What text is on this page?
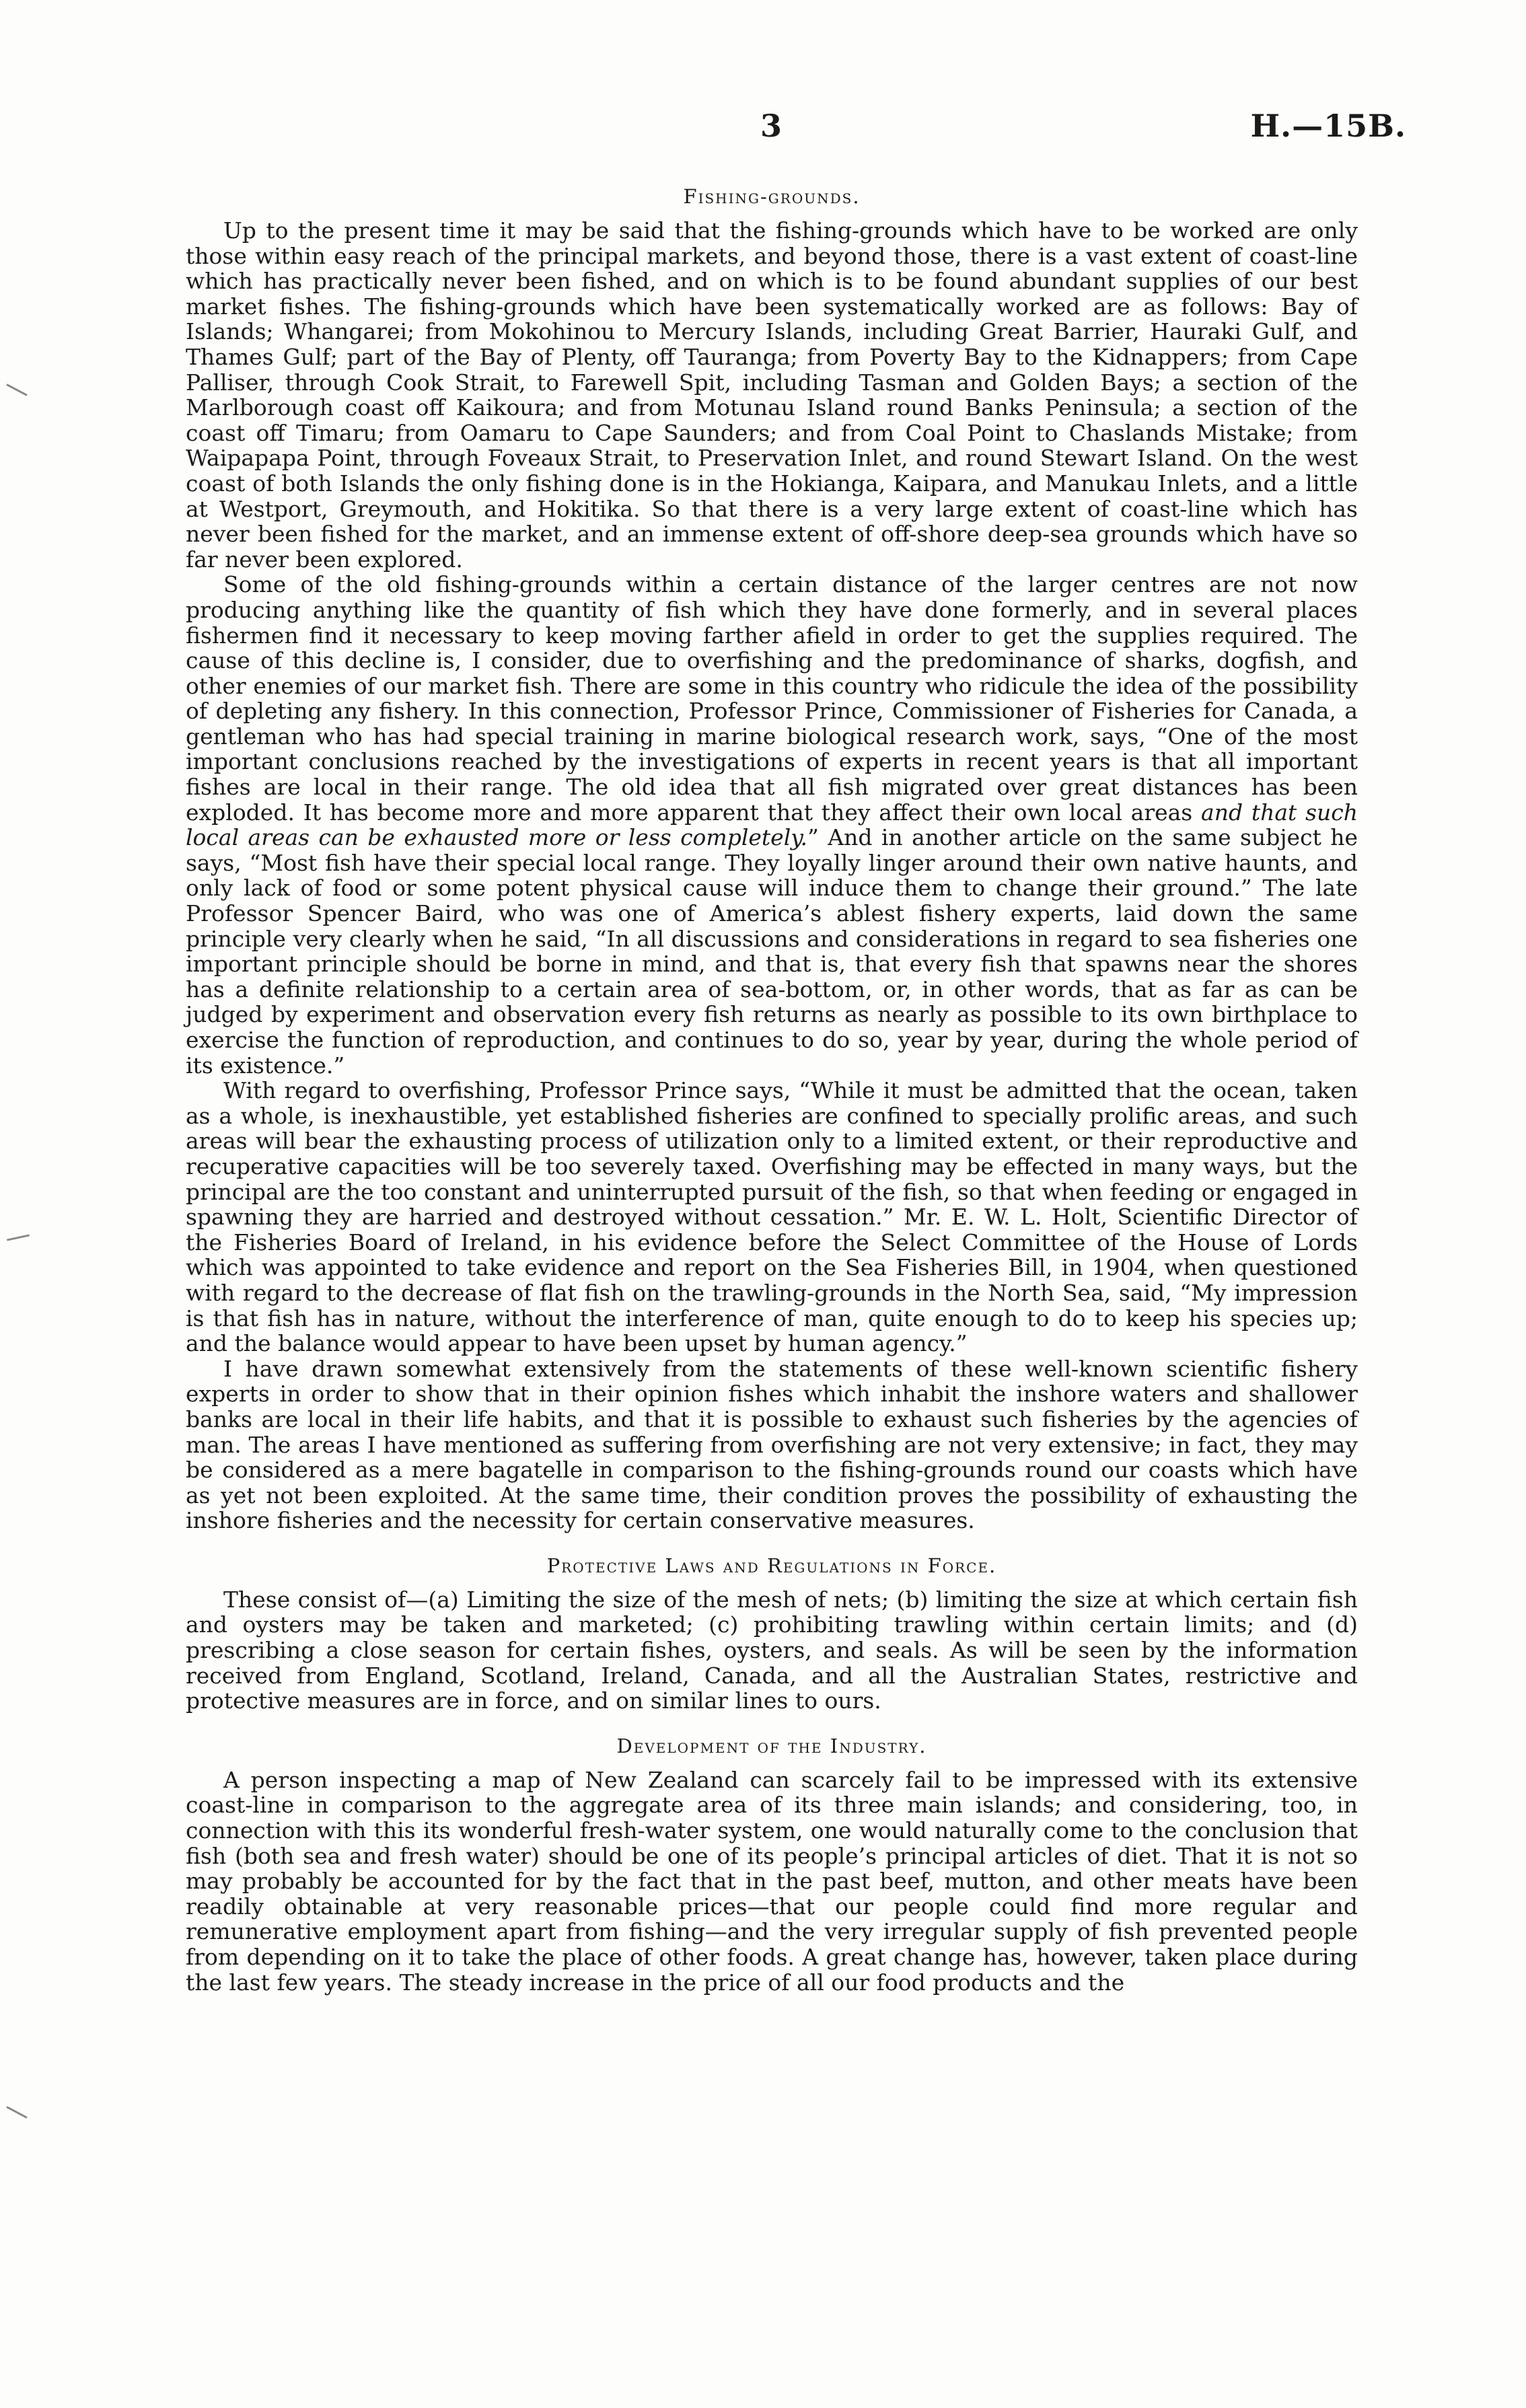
3	H.—15B.
Fishing-grounds.

Up to the present time it may be said that the fishing-grounds which have to be worked are only those within easy reach of the principal markets, and beyond those, there is a vast extent of coast-line which has practically never been fished, and on which is to be found abundant supplies of our best market fishes. The fishing-grounds which have been systematically worked are as follows: Bay of Islands; Whangarei; from Mokohinou to Mercury Islands, including Great Barrier, Hauraki Gulf, and Thames Gulf; part of the Bay of Plenty, off Tauranga; from Poverty Bay to the Kidnappers; from Cape Palliser, through Cook Strait, to Farewell Spit, including Tasman and Golden Bays; a section of the Marlborough coast off Kaikoura; and from Motunau Island round Banks Peninsula; a section of the coast off Timaru; from Oamaru to Cape Saunders; and from Coal Point to Chaslands Mistake; from Waipapapa Point, through Foveaux Strait, to Preservation Inlet, and round Stewart Island. On the west coast of both Islands the only fishing done is in the Hokianga, Kaipara, and Manukau Inlets, and a little at Westport, Greymouth, and Hokitika. So that there is a very large extent of coast-line which has never been fished for the market, and an immense extent of off-shore deep-sea grounds which have so far never been explored.

Some of the old fishing-grounds within a certain distance of the larger centres are not now producing anything like the quantity of fish which they have done formerly, and in several places fishermen find it necessary to keep moving farther afield in order to get the supplies required. The cause of this decline is, I consider, due to overfishing and the predominance of sharks, dogfish, and other enemies of our market fish. There are some in this country who ridicule the idea of the possibility of depleting any fishery. In this connection, Professor Prince, Commissioner of Fisheries for Canada, a gentleman who has had special training in marine biological research work, says, “One of the most important conclusions reached by the investigations of experts in recent years is that all important fishes are local in their range. The old idea that all fish migrated over great distances has been exploded. It has become more and more apparent that they affect their own local areas and that such local areas can be exhausted more or less completely.” And in another article on the same subject he says, “Most fish have their special local range. They loyally linger around their own native haunts, and only lack of food or some potent physical cause will induce them to change their ground.” The late Professor Spencer Baird, who was one of America’s ablest fishery experts, laid down the same principle very clearly when he said, “In all discussions and considerations in regard to sea fisheries one important principle should be borne in mind, and that is, that every fish that spawns near the shores has a definite relationship to a certain area of sea-bottom, or, in other words, that as far as can be judged by experiment and observation every fish returns as nearly as possible to its own birthplace to exercise the function of reproduction, and continues to do so, year by year, during the whole period of its existence.”

With regard to overfishing, Professor Prince says, “While it must be admitted that the ocean, taken as a whole, is inexhaustible, yet established fisheries are confined to specially prolific areas, and such areas will bear the exhausting process of utilization only to a limited extent, or their reproductive and recuperative capacities will be too severely taxed. Overfishing may be effected in many ways, but the principal are the too constant and uninterrupted pursuit of the fish, so that when feeding or engaged in spawning they are harried and destroyed without cessation.” Mr. E. W. L. Holt, Scientific Director of the Fisheries Board of Ireland, in his evidence before the Select Committee of the House of Lords which was appointed to take evidence and report on the Sea Fisheries Bill, in 1904, when questioned with regard to the decrease of flat fish on the trawling-grounds in the North Sea, said, “My impression is that fish has in nature, without the interference of man, quite enough to do to keep his species up; and the balance would appear to have been upset by human agency.”

I have drawn somewhat extensively from the statements of these well-known scientific fishery experts in order to show that in their opinion fishes which inhabit the inshore waters and shallower banks are local in their life habits, and that it is possible to exhaust such fisheries by the agencies of man. The areas I have mentioned as suffering from overfishing are not very extensive; in fact, they may be considered as a mere bagatelle in comparison to the fishing-grounds round our coasts which have as yet not been exploited. At the same time, their condition proves the possibility of exhausting the inshore fisheries and the necessity for certain conservative measures.

Protective Laws and Regulations in Force.

These consist of—(a) Limiting the size of the mesh of nets; (b) limiting the size at which certain fish and oysters may be taken and marketed; (c) prohibiting trawling within certain limits; and (d) prescribing a close season for certain fishes, oysters, and seals. As will be seen by the information received from England, Scotland, Ireland, Canada, and all the Australian States, restrictive and protective measures are in force, and on similar lines to ours.

Development of the Industry.

A person inspecting a map of New Zealand can scarcely fail to be impressed with its extensive coast-line in comparison to the aggregate area of its three main islands; and considering, too, in connection with this its wonderful fresh-water system, one would naturally come to the conclusion that fish (both sea and fresh water) should be one of its people’s principal articles of diet. That it is not so may probably be accounted for by the fact that in the past beef, mutton, and other meats have been readily obtainable at very reasonable prices—that our people could find more regular and remunerative employment apart from fishing—and the very irregular supply of fish prevented people from depending on it to take the place of other foods. A great change has, however, taken place during the last few years. The steady increase in the price of all our food products and the
